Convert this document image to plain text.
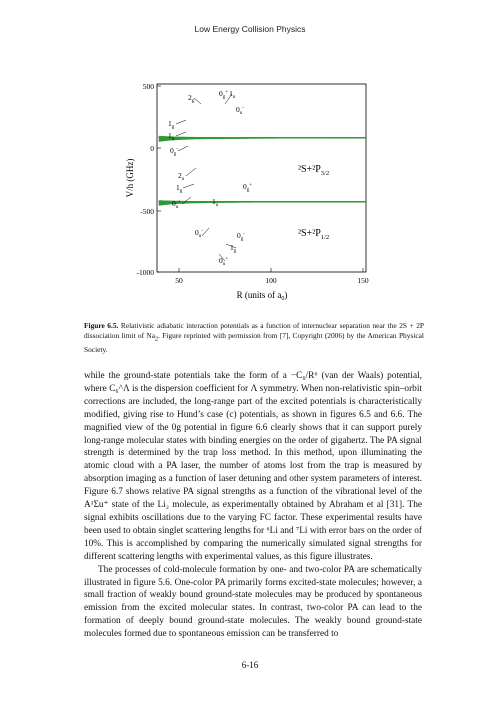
Low Energy Collision Physics
500
0
-500
-1000
50	100	150
R (units of $a_0$)
V/h (GHz)	$^2S+^2P_{3/2}$
$^2S+^2P_{1/2}$
$2_g$
$0_g^+1_u$
$0_u^-$
$1_g$
$1_u$
$0_g^-$
$2_u$
$1_g$
$0_u^+$	$1_u$
$0_g^+$
$0_u^-$	$0_g^-$
$1_g$
$0_u^+$
Figure 6.5. Relativistic adiabatic interaction potentials as a function of internuclear separation near the 2S + 2P dissociation limit of $Na_2$. Figure reprinted with permission from [7], Copyright (2006) by the American Physical Society.

while the ground-state potentials take the form of a −C₆/R⁶ (van der Waals) potential, where C₆^Λ is the dispersion coefficient for Λ symmetry. When non-relativistic spin–orbit corrections are included, the long-range part of the excited potentials is characteristically modified, giving rise to Hund’s case (c) potentials, as shown in figures 6.5 and 6.6. The magnified view of the 0g potential in figure 6.6 clearly shows that it can support purely long-range molecular states with binding energies on the order of gigahertz. The PA signal strength is determined by the trap loss method. In this method, upon illuminating the atomic cloud with a PA laser, the number of atoms lost from the trap is measured by absorption imaging as a function of laser detuning and other system parameters of interest. Figure 6.7 shows relative PA signal strengths as a function of the vibrational level of the A¹Σu⁺ state of the Li₂ molecule, as experimentally obtained by Abraham et al [31]. The signal exhibits oscillations due to the varying FC factor. These experimental results have been used to obtain singlet scattering lengths for ⁶Li and ⁷Li with error bars on the order of 10%. This is accomplished by comparing the numerically simulated signal strengths for different scattering lengths with experimental values, as this figure illustrates.

The processes of cold-molecule formation by one- and two-color PA are schematically illustrated in figure 5.6. One-color PA primarily forms excited-state molecules; however, a small fraction of weakly bound ground-state molecules may be produced by spontaneous emission from the excited molecular states. In contrast, two-color PA can lead to the formation of deeply bound ground-state molecules. The weakly bound ground-state molecules formed due to spontaneous emission can be transferred to

6-16
